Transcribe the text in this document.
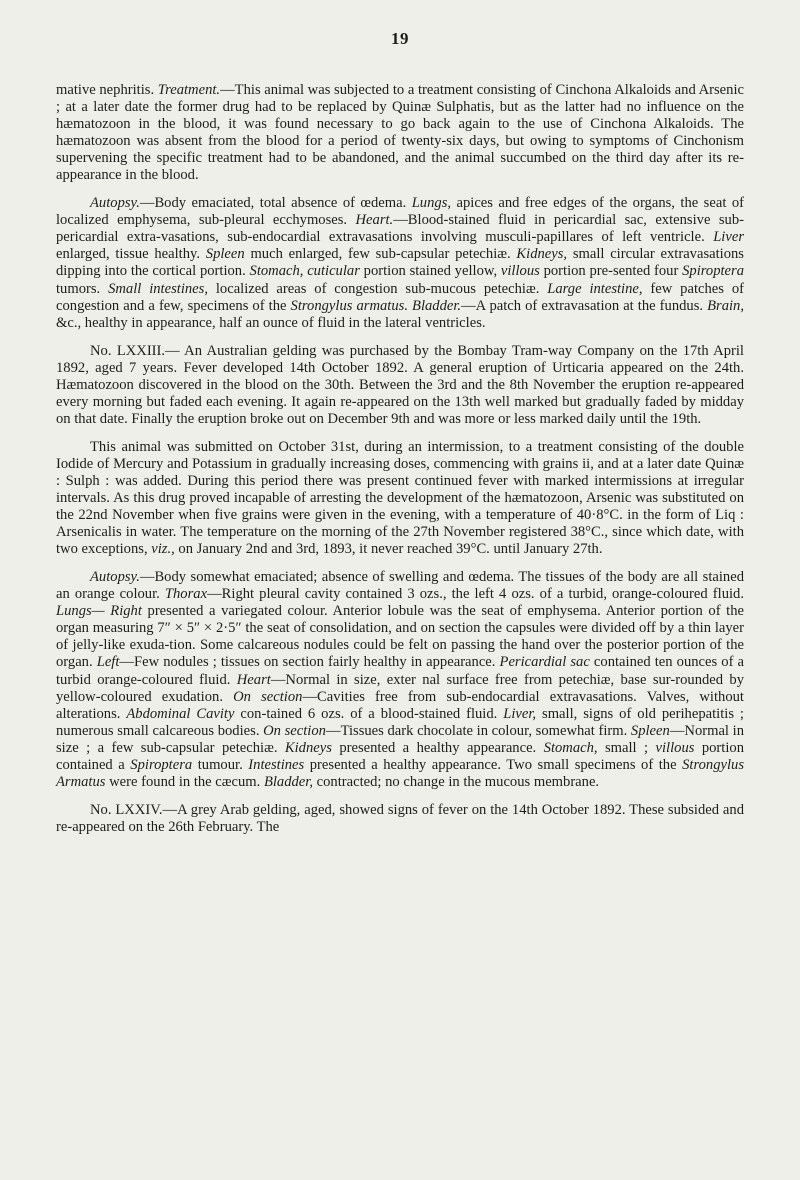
19

mative nephritis. Treatment.—This animal was subjected to a treatment consisting of Cinchona Alkaloids and Arsenic ; at a later date the former drug had to be replaced by Quinæ Sulphatis, but as the latter had no influence on the hæmatozoon in the blood, it was found necessary to go back again to the use of Cinchona Alkaloids. The hæmatozoon was absent from the blood for a period of twenty-six days, but owing to symptoms of Cinchonism supervening the specific treatment had to be abandoned, and the animal succumbed on the third day after its re-appearance in the blood.

Autopsy.—Body emaciated, total absence of œdema. Lungs, apices and free edges of the organs, the seat of localized emphysema, sub-pleural ecchymoses. Heart.—Blood-stained fluid in pericardial sac, extensive sub-pericardial extra-vasations, sub-endocardial extravasations involving musculi-papillares of left ventricle. Liver enlarged, tissue healthy. Spleen much enlarged, few sub-capsular petechiæ. Kidneys, small circular extravasations dipping into the cortical portion. Stomach, cuticular portion stained yellow, villous portion pre-sented four Spiroptera tumors. Small intestines, localized areas of congestion sub-mucous petechiæ. Large intestine, few patches of congestion and a few, specimens of the Strongylus armatus. Bladder.—A patch of extravasation at the fundus. Brain, &c., healthy in appearance, half an ounce of fluid in the lateral ventricles.

No. LXXIII.— An Australian gelding was purchased by the Bombay Tram-way Company on the 17th April 1892, aged 7 years. Fever developed 14th October 1892. A general eruption of Urticaria appeared on the 24th. Hæmatozoon discovered in the blood on the 30th. Between the 3rd and the 8th November the eruption re-appeared every morning but faded each evening. It again re-appeared on the 13th well marked but gradually faded by midday on that date. Finally the eruption broke out on December 9th and was more or less marked daily until the 19th.

This animal was submitted on October 31st, during an intermission, to a treatment consisting of the double Iodide of Mercury and Potassium in gradually increasing doses, commencing with grains ii, and at a later date Quinæ : Sulph : was added. During this period there was present continued fever with marked intermissions at irregular intervals. As this drug proved incapable of arresting the development of the hæmatozoon, Arsenic was substituted on the 22nd November when five grains were given in the evening, with a temperature of 40·8°C. in the form of Liq : Arsenicalis in water. The temperature on the morning of the 27th November registered 38°C., since which date, with two exceptions, viz., on January 2nd and 3rd, 1893, it never reached 39°C. until January 27th.

Autopsy.—Body somewhat emaciated; absence of swelling and œdema. The tissues of the body are all stained an orange colour. Thorax—Right pleural cavity contained 3 ozs., the left 4 ozs. of a turbid, orange-coloured fluid. Lungs— Right presented a variegated colour. Anterior lobule was the seat of emphysema. Anterior portion of the organ measuring 7″ × 5″ × 2·5″ the seat of consolidation, and on section the capsules were divided off by a thin layer of jelly-like exuda-tion. Some calcareous nodules could be felt on passing the hand over the posterior portion of the organ. Left—Few nodules ; tissues on section fairly healthy in appearance. Pericardial sac contained ten ounces of a turbid orange-coloured fluid. Heart—Normal in size, exter nal surface free from petechiæ, base sur-rounded by yellow-coloured exudation. On section—Cavities free from sub-endocardial extravasations. Valves, without alterations. Abdominal Cavity con-tained 6 ozs. of a blood-stained fluid. Liver, small, signs of old perihepatitis ; numerous small calcareous bodies. On section—Tissues dark chocolate in colour, somewhat firm. Spleen—Normal in size ; a few sub-capsular petechiæ. Kidneys presented a healthy appearance. Stomach, small ; villous portion contained a Spiroptera tumour. Intestines presented a healthy appearance. Two small specimens of the Strongylus Armatus were found in the cæcum. Bladder, contracted; no change in the mucous membrane.

No. LXXIV.—A grey Arab gelding, aged, showed signs of fever on the 14th October 1892. These subsided and re-appeared on the 26th February. The
